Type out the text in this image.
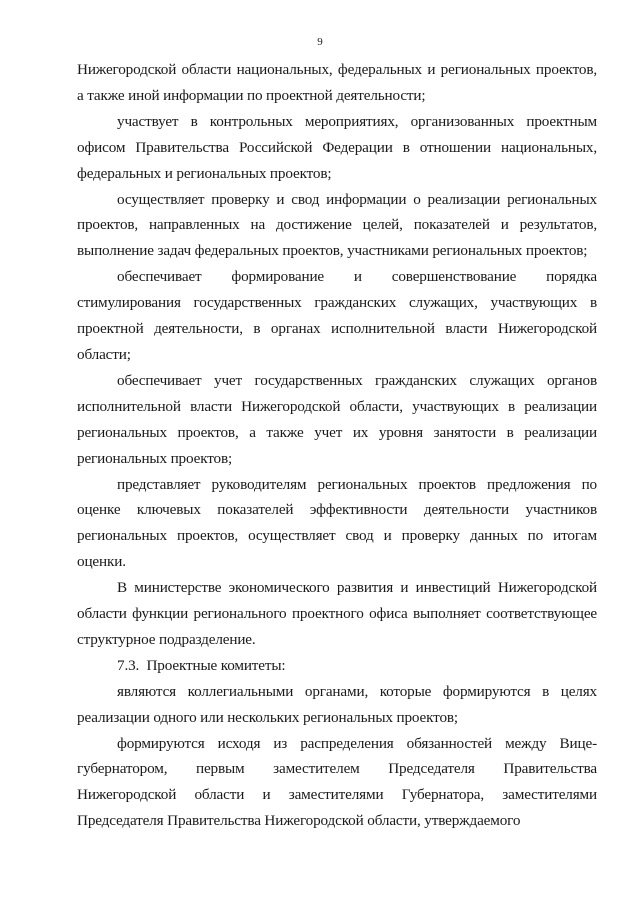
9

Нижегородской области национальных, федеральных и региональных проектов, а также иной информации по проектной деятельности;

участвует в контрольных мероприятиях, организованных проектным офисом Правительства Российской Федерации в отношении национальных, федеральных и региональных проектов;

осуществляет проверку и свод информации о реализации региональных проектов, направленных на достижение целей, показателей и результатов, выполнение задач федеральных проектов, участниками региональных проектов;

обеспечивает формирование и совершенствование порядка стимулирования государственных гражданских служащих, участвующих в проектной деятельности, в органах исполнительной власти Нижегородской области;

обеспечивает учет государственных гражданских служащих органов исполнительной власти Нижегородской области, участвующих в реализации региональных проектов, а также учет их уровня занятости в реализации региональных проектов;

представляет руководителям региональных проектов предложения по оценке ключевых показателей эффективности деятельности участников региональных проектов, осуществляет свод и проверку данных по итогам оценки.

В министерстве экономического развития и инвестиций Нижегородской области функции регионального проектного офиса выполняет соответствующее структурное подразделение.

7.3.  Проектные комитеты:

являются коллегиальными органами, которые формируются в целях реализации одного или нескольких региональных проектов;

формируются исходя из распределения обязанностей между Вице-губернатором, первым заместителем Председателя Правительства Нижегородской области и заместителями Губернатора, заместителями Председателя Правительства Нижегородской области, утверждаемого
